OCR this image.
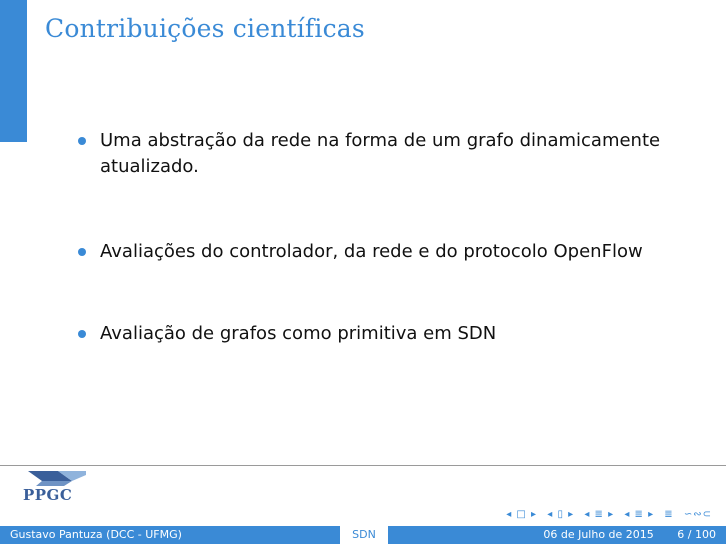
Contribuições científicas
Uma abstração da rede na forma de um grafo dinamicamente atualizado.
Avaliações do controlador, da rede e do protocolo OpenFlow
Avaliação de grafos como primitiva em SDN
PPGC
◂ □ ▸ ◂ ▯ ▸ ◂ ≣ ▸ ◂ ≣ ▸ ≣ ∽∾⊂
Gustavo Pantuza (DCC - UFMG)	SDN	06 de Julho de 2015 6 / 100
